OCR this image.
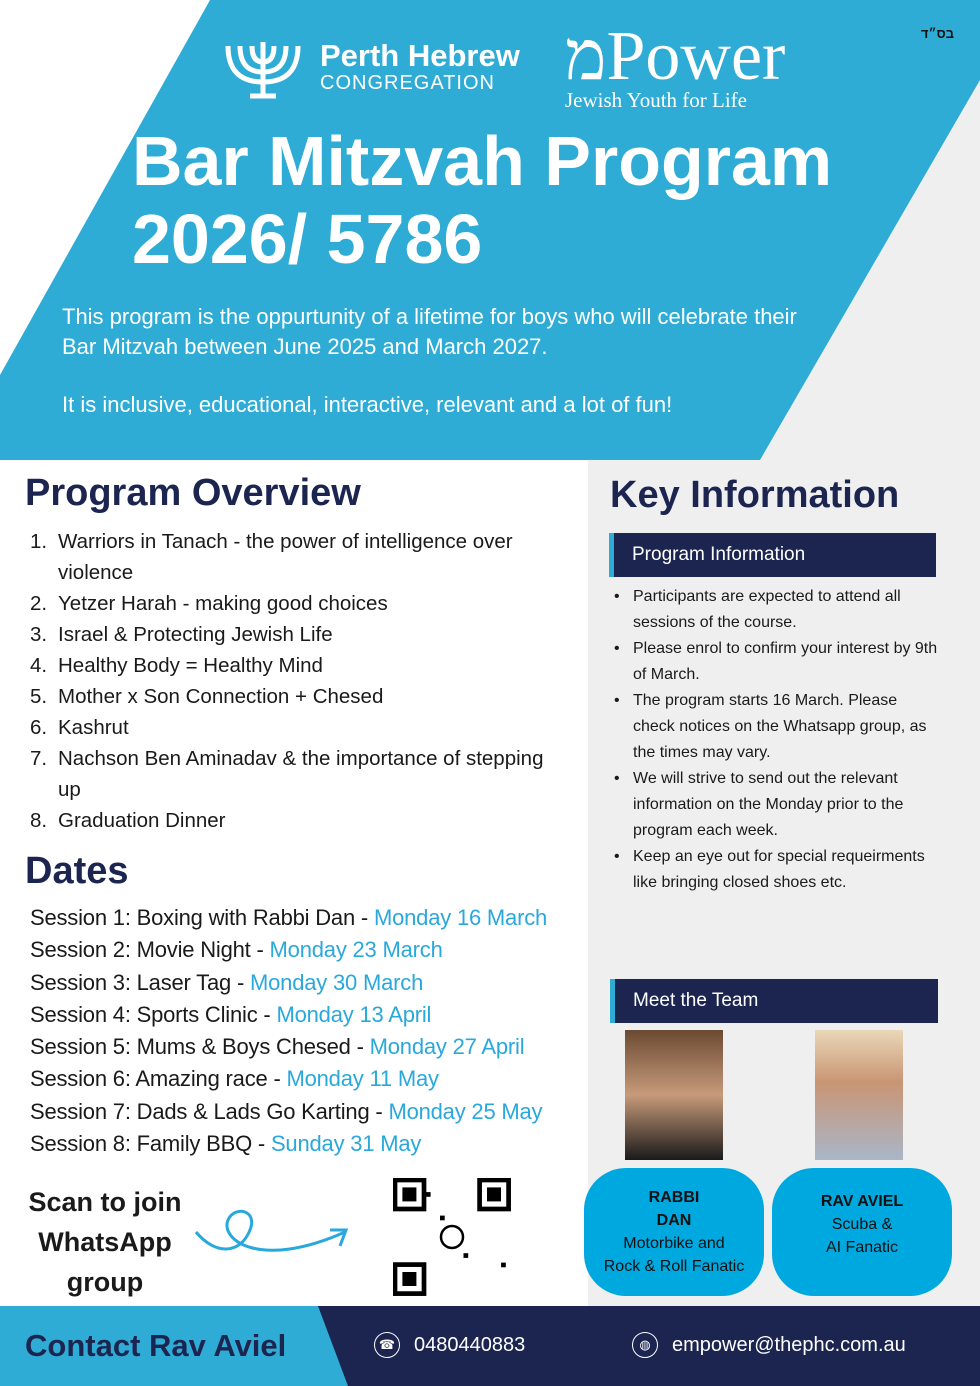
Perth Hebrew
CONGREGATION	מPower
Jewish Youth for Life
בס״ד
Bar Mitzvah Program
2026/ 5786

This program is the oppurtunity of a lifetime for boys who will celebrate their Bar Mitzvah between June 2025 and March 2027.

It is inclusive, educational, interactive, relevant and a lot of fun!

Program Overview
1. Warriors in Tanach - the power of intelligence over violence
2. Yetzer Harah - making good choices
3. Israel & Protecting Jewish Life
4. Healthy Body = Healthy Mind
5. Mother x Son Connection + Chesed
6. Kashrut
7. Nachson Ben Aminadav & the importance of stepping up
8. Graduation Dinner
Dates
Session 1: Boxing with Rabbi Dan - Monday 16 March
Session 2: Movie Night - Monday 23 March
Session 3: Laser Tag - Monday 30 March
Session 4: Sports Clinic - Monday 13 April
Session 5: Mums & Boys Chesed - Monday 27 April
Session 6: Amazing race - Monday 11 May
Session 7: Dads & Lads Go Karting - Monday 25 May
Session 8: Family BBQ - Sunday 31 May
Key Information
Program Information
• Participants are expected to attend all sessions of the course.
• Please enrol to confirm your interest by 9th of March.
• The program starts 16 March. Please check notices on the Whatsapp group, as the times may vary.
• We will strive to send out the relevant information on the Monday prior to the program each week.
• Keep an eye out for special requeirments like bringing closed shoes etc.
Meet the Team
RABBI
DAN
Motorbike and
Rock & Roll Fanatic
RAV AVIEL
Scuba &
AI Fanatic
Scan to join
WhatsApp
group
Contact Rav Aviel	☎ 0480440883	◍	empower@thephc.com.au
